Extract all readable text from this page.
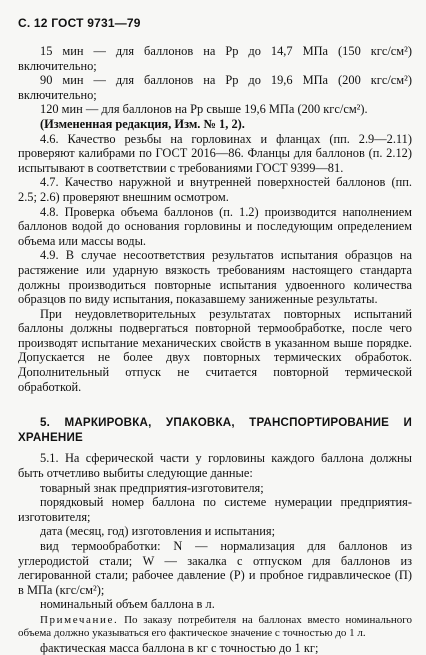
С. 12 ГОСТ 9731—79

15 мин — для баллонов на Pр до 14,7 МПа (150 кгс/см²) включительно;

90 мин — для баллонов на Pр до 19,6 МПа (200 кгс/см²) включительно;

120 мин — для баллонов на Pр свыше 19,6 МПа (200 кгс/см²).

(Измененная редакция, Изм. № 1, 2).

4.6. Качество резьбы на горловинах и фланцах (пп. 2.9—2.11) проверяют калибрами по ГОСТ 2016—86. Фланцы для баллонов (п. 2.12) испытывают в соответствии с требованиями ГОСТ 9399—81.

4.7. Качество наружной и внутренней поверхностей баллонов (пп. 2.5; 2.6) проверяют внешним осмотром.

4.8. Проверка объема баллонов (п. 1.2) производится наполнением баллонов водой до основания горловины и последующим определением объема или массы воды.

4.9. В случае несоответствия результатов испытания образцов на растяжение или ударную вязкость требованиям настоящего стандарта должны производиться повторные испытания удвоенного количества образцов по виду испытания, показавшему заниженные результаты.

При неудовлетворительных результатах повторных испытаний баллоны должны подвергаться повторной термообработке, после чего производят испытание механических свойств в указанном выше порядке. Допускается не более двух повторных термических обработок. Дополнительный отпуск не считается повторной термической обработкой.

5. МАРКИРОВКА, УПАКОВКА, ТРАНСПОРТИРОВАНИЕ И ХРАНЕНИЕ

5.1. На сферической части у горловины каждого баллона должны быть отчетливо выбиты следующие данные:

товарный знак предприятия-изготовителя;

порядковый номер баллона по системе нумерации предприятия-изготовителя;

дата (месяц, год) изготовления и испытания;

вид термообработки: N — нормализация для баллонов из углеродистой стали; W — закалка с отпуском для баллонов из легированной стали; рабочее давление (P) и пробное гидравлическое (П) в МПа (кгс/см²);

номинальный объем баллона в л.

Примечание. По заказу потребителя на баллонах вместо номинального объема должно указываться его фактическое значение с точностью до 1 л.

фактическая масса баллона в кг с точностью до 1 кг;
